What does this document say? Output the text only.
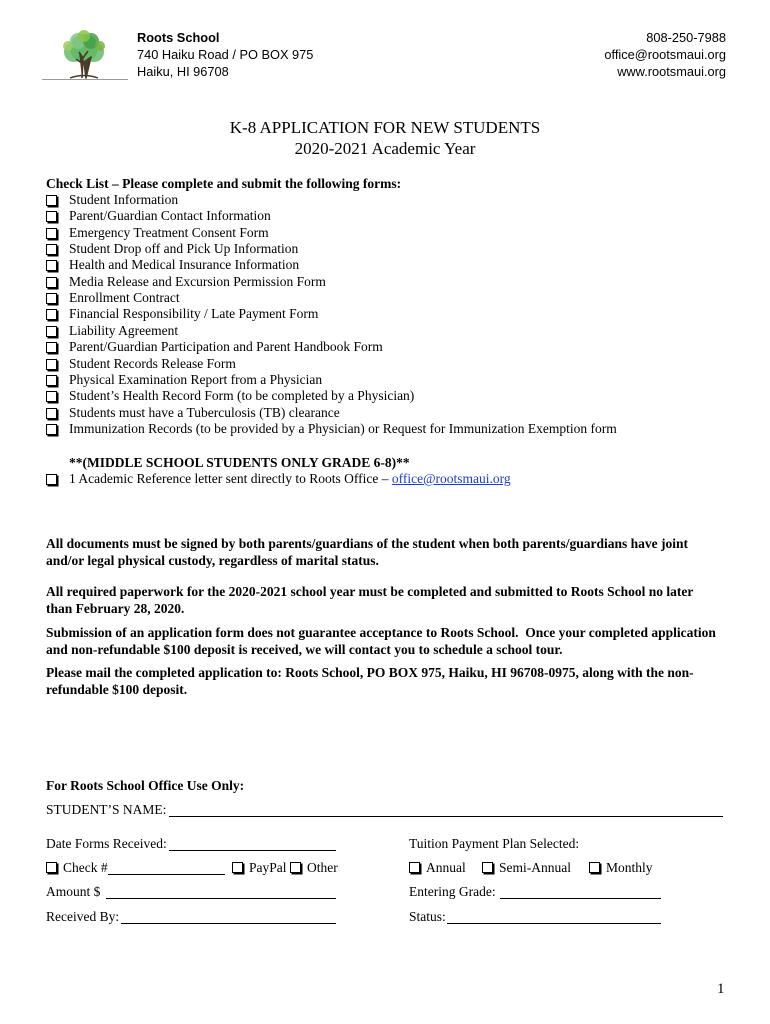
Roots School
740 Haiku Road / PO BOX 975
Haiku, HI 96708
808-250-7988
office@rootsmaui.org
www.rootsmaui.org
K-8 APPLICATION FOR NEW STUDENTS
2020-2021 Academic Year
Check List – Please complete and submit the following forms:
Student Information
Parent/Guardian Contact Information
Emergency Treatment Consent Form
Student Drop off and Pick Up Information
Health and Medical Insurance Information
Media Release and Excursion Permission Form
Enrollment Contract
Financial Responsibility / Late Payment Form
Liability Agreement
Parent/Guardian Participation and Parent Handbook Form
Student Records Release Form
Physical Examination Report from a Physician
Student’s Health Record Form (to be completed by a Physician)
Students must have a Tuberculosis (TB) clearance
Immunization Records (to be provided by a Physician) or Request for Immunization Exemption form
**(MIDDLE SCHOOL STUDENTS ONLY GRADE 6-8)**
1 Academic Reference letter sent directly to Roots Office – office@rootsmaui.org
All documents must be signed by both parents/guardians of the student when both parents/guardians have joint and/or legal physical custody, regardless of marital status.
All required paperwork for the 2020-2021 school year must be completed and submitted to Roots School no later than February 28, 2020.
Submission of an application form does not guarantee acceptance to Roots School.  Once your completed application and non-refundable $100 deposit is received, we will contact you to schedule a school tour.
Please mail the completed application to: Roots School, PO BOX 975, Haiku, HI 96708-0975, along with the non-refundable $100 deposit.
For Roots School Office Use Only:
STUDENT’S NAME:
Date Forms Received:	Tuition Payment Plan Selected:
Check #	PayPal	Other	Annual	Semi-Annual	Monthly
Amount $	Entering Grade:
Received By:	Status:
1
